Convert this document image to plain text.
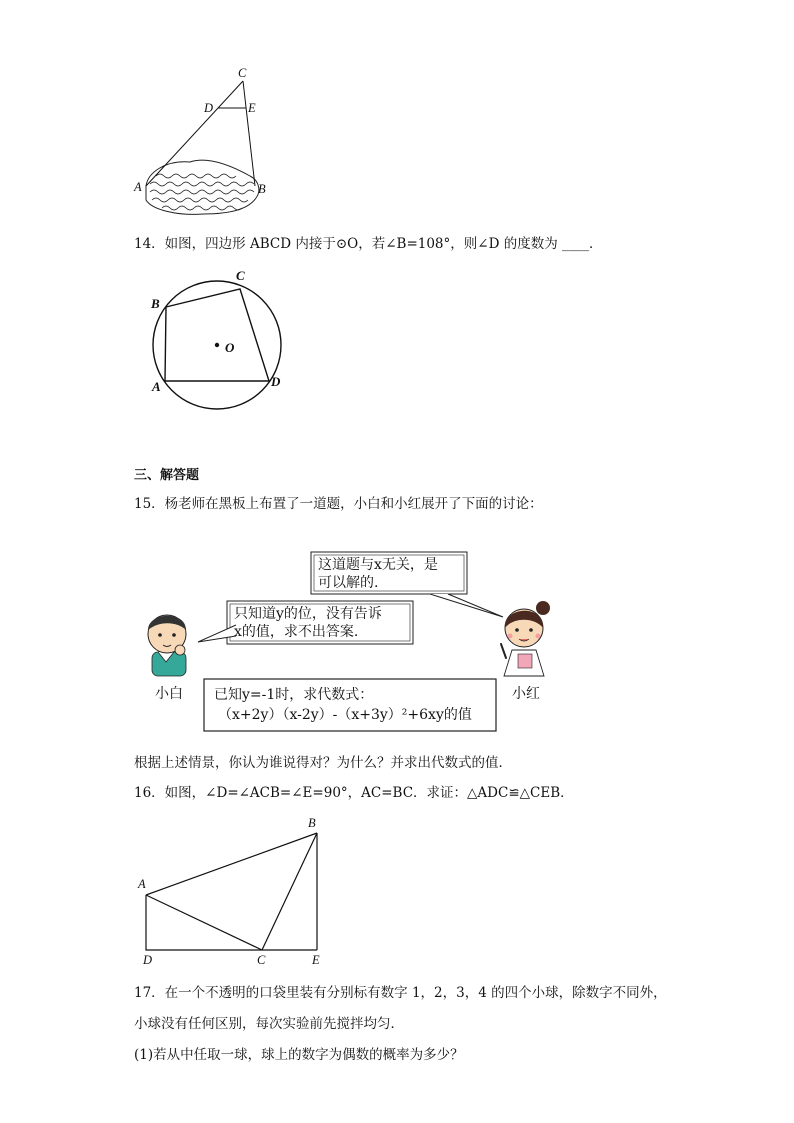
C
D	E
A	B
14．如图，四边形 ABCD 内接于⊙O，若∠B=108°，则∠D 的度数为 ____．
C
B
O
A	D
三、解答题
15．杨老师在黑板上布置了一道题，小白和小红展开了下面的讨论：
这道题与x无关，是
可以解的.
只知道y的位，没有告诉
x的值，求不出答案.
已知y=-1时，求代数式：
（x+2y）（x-2y）-（x+3y）²+6xy的值
小白	小红
根据上述情景，你认为谁说得对？为什么？并求出代数式的值．
16．如图，∠D=∠ACB=∠E=90°，AC=BC．求证：△ADC≌△CEB．
B
A
D	C	E
17．在一个不透明的口袋里装有分别标有数字 1，2，3，4 的四个小球，除数字不同外，
小球没有任何区别，每次实验前先搅拌均匀．
(1)若从中任取一球，球上的数字为偶数的概率为多少？
